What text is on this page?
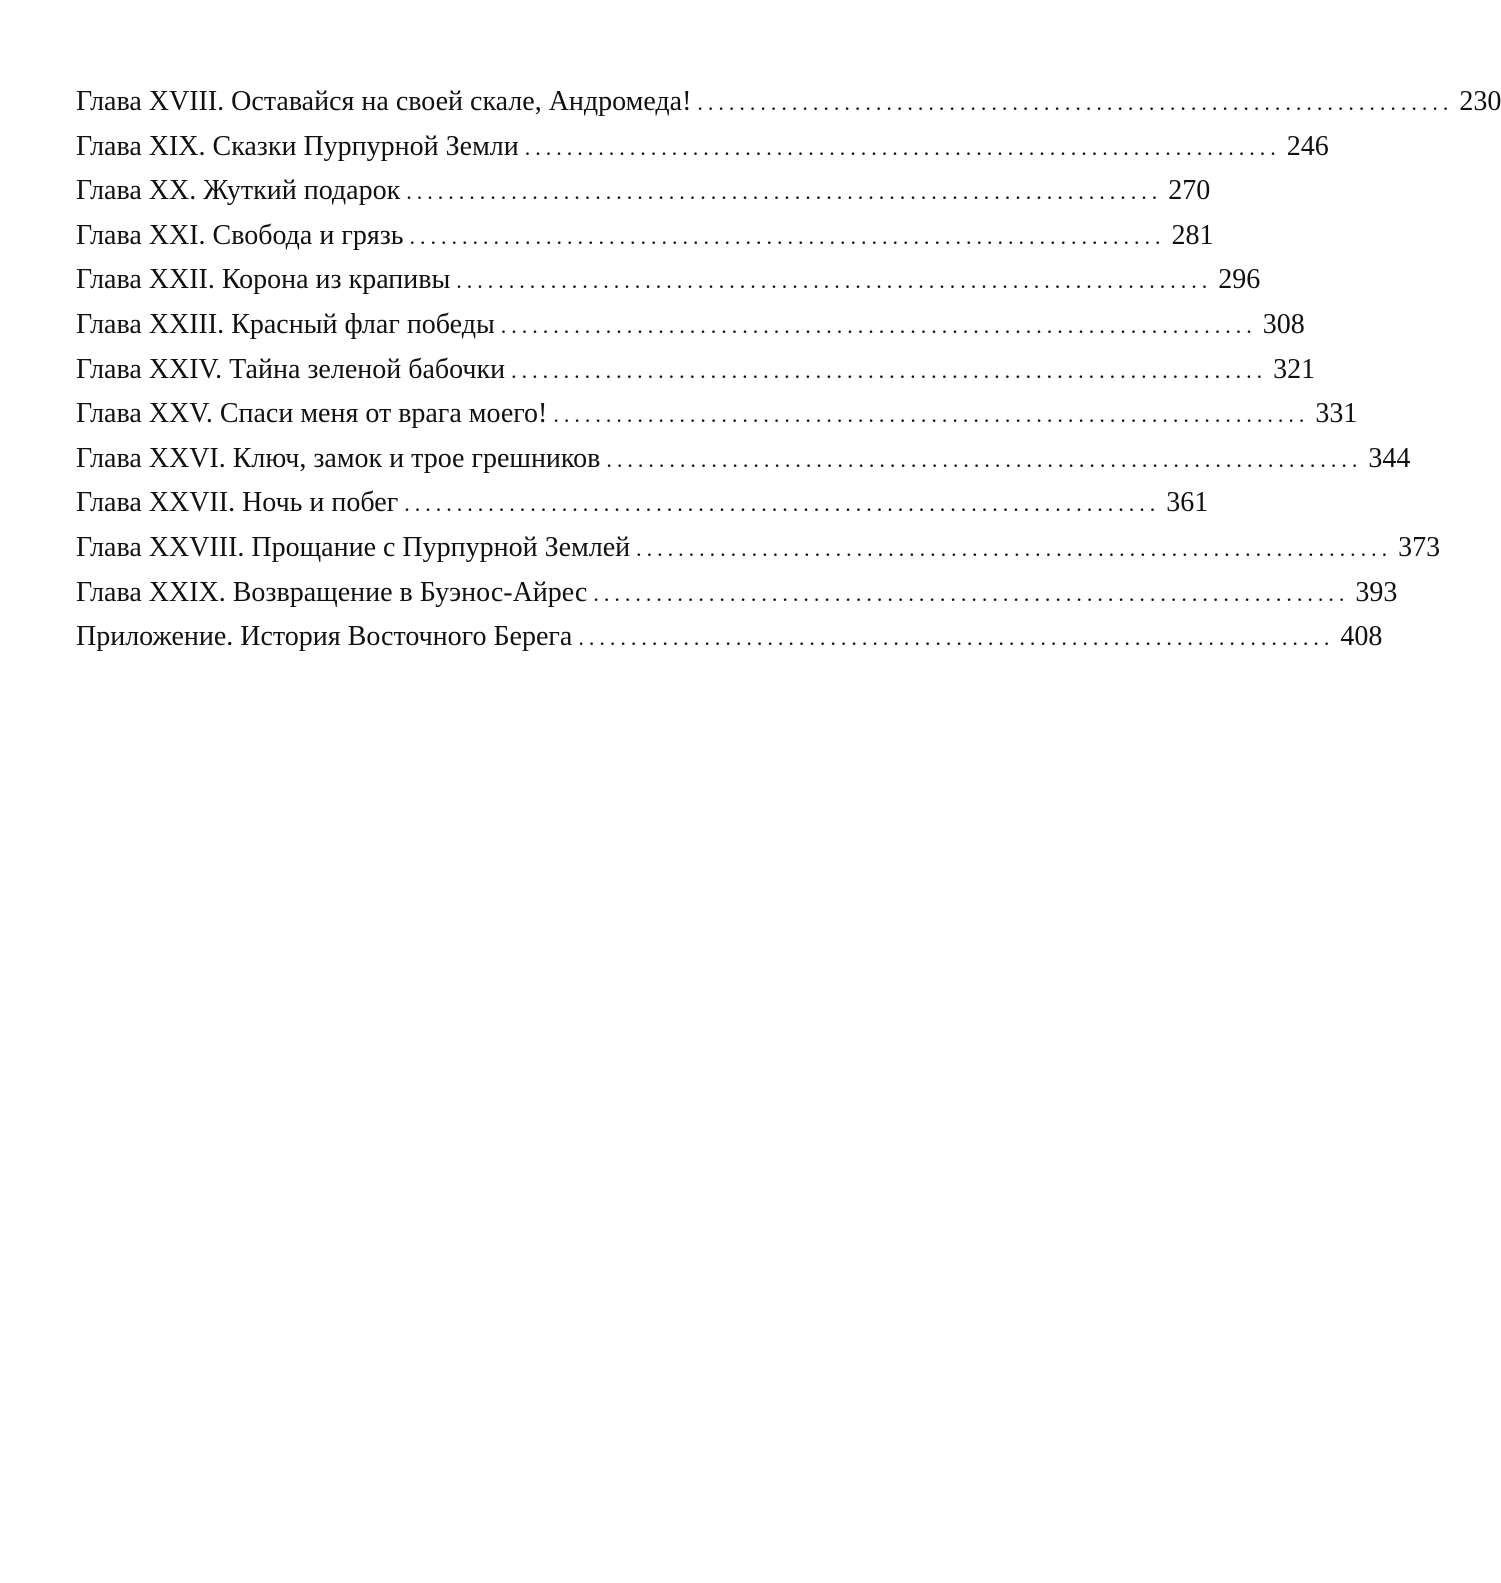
Глава XVIII. Оставайся на своей скале, Андромеда! ........................................................................ 230
Глава XIX. Сказки Пурпурной Земли ........................................................................ 246
Глава XX. Жуткий подарок ........................................................................ 270
Глава XXI. Свобода и грязь ........................................................................ 281
Глава XXII. Корона из крапивы ........................................................................ 296
Глава XXIII. Красный флаг победы ........................................................................ 308
Глава XXIV. Тайна зеленой бабочки ........................................................................ 321
Глава XXV. Спаси меня от врага моего! ........................................................................ 331
Глава XXVI. Ключ, замок и трое грешников ........................................................................ 344
Глава XXVII. Ночь и побег ........................................................................ 361
Глава XXVIII. Прощание с Пурпурной Землей ........................................................................ 373
Глава XXIX. Возвращение в Буэнос-Айрес ........................................................................ 393
Приложение. История Восточного Берега ........................................................................ 408
